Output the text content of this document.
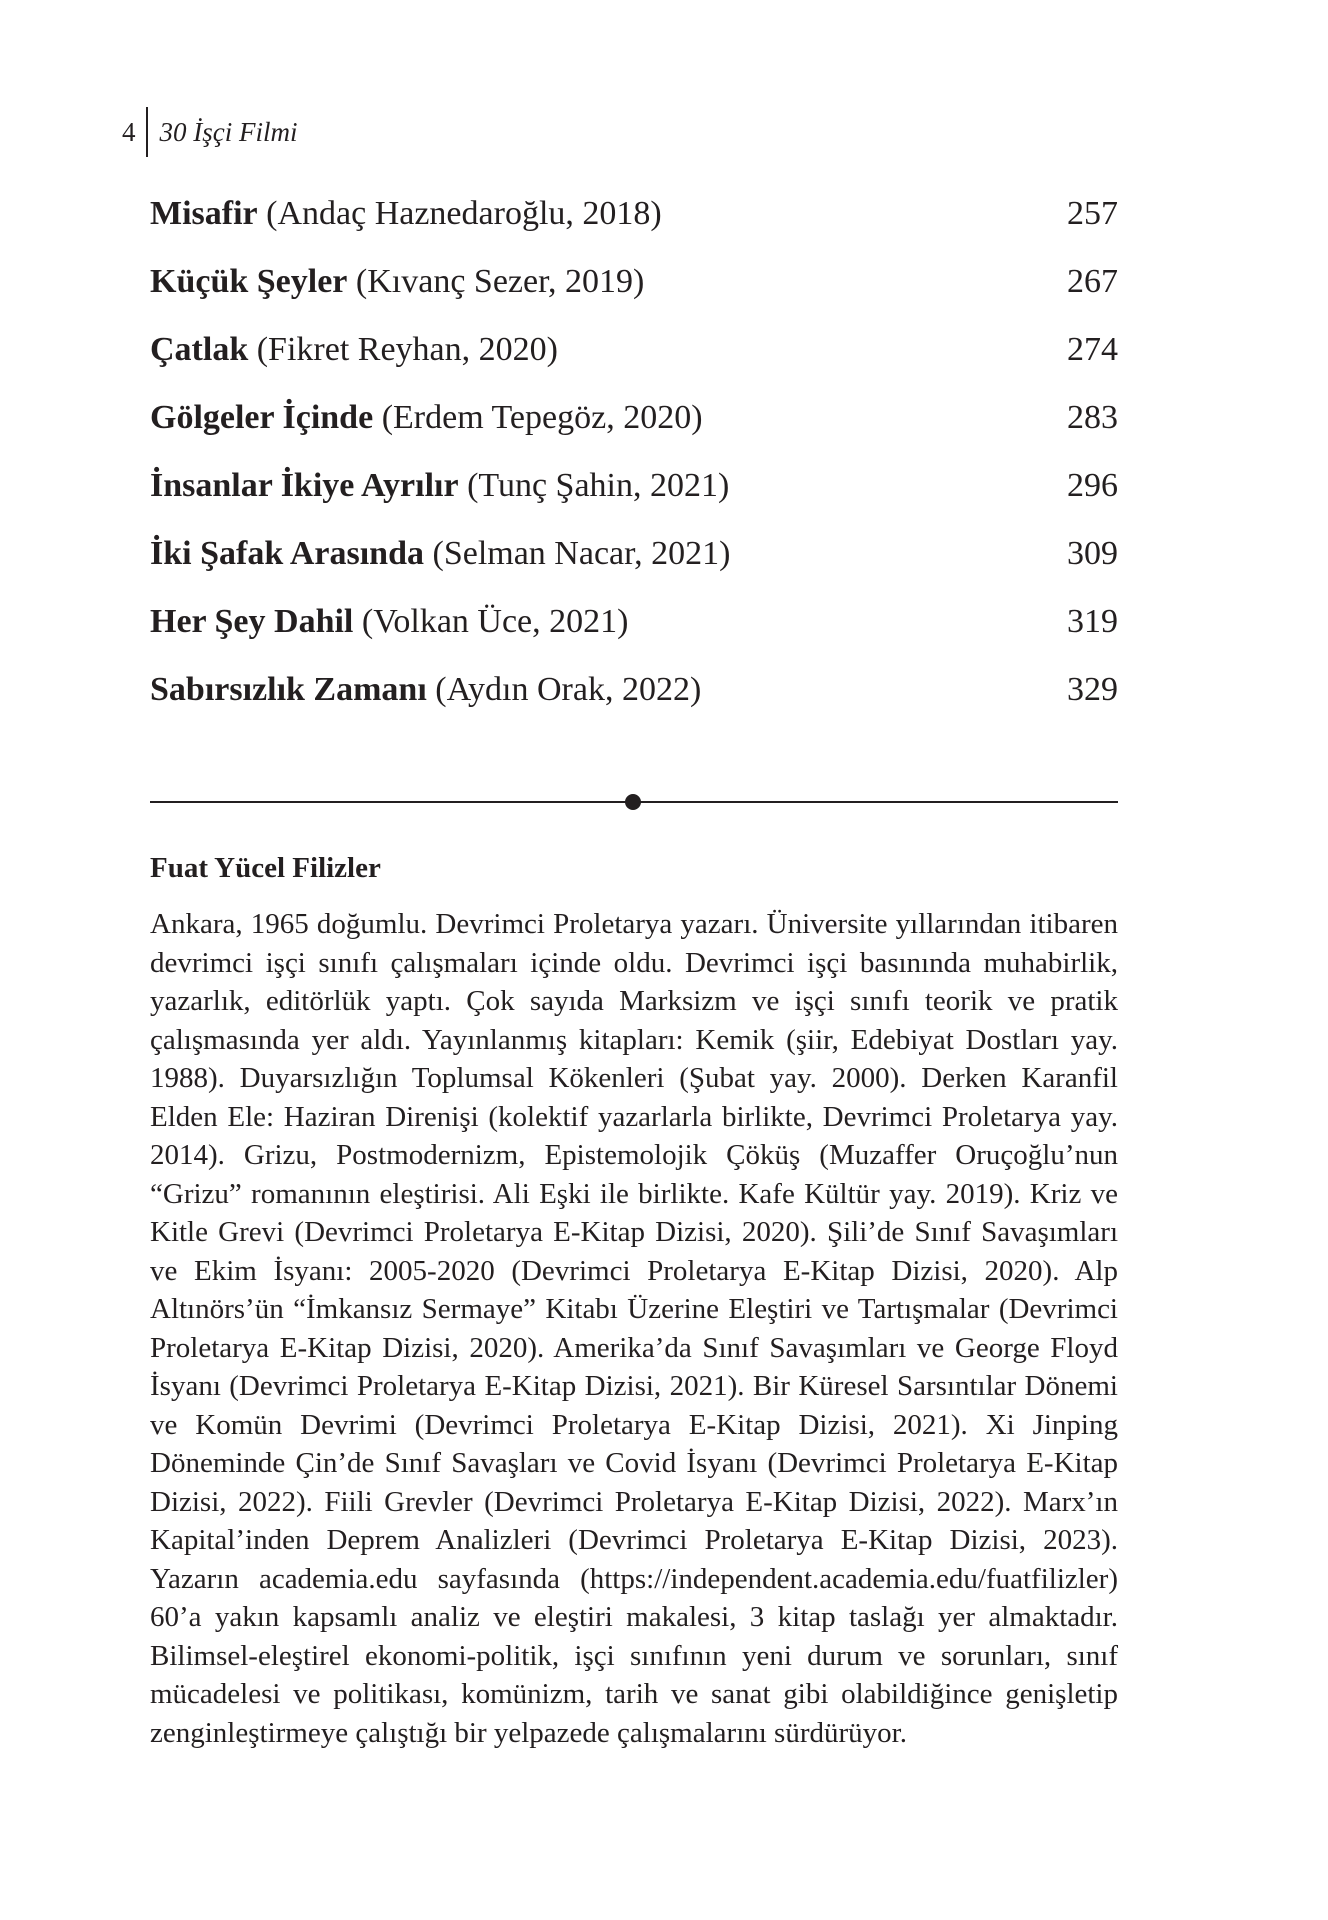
4 30 İşçi Filmi
Misafir (Andaç Haznedaroğlu, 2018)	257
Küçük Şeyler (Kıvanç Sezer, 2019)	267
Çatlak (Fikret Reyhan, 2020)	274
Gölgeler İçinde (Erdem Tepegöz, 2020)	283
İnsanlar İkiye Ayrılır (Tunç Şahin, 2021)	296
İki Şafak Arasında (Selman Nacar, 2021)	309
Her Şey Dahil (Volkan Üce, 2021)	319
Sabırsızlık Zamanı (Aydın Orak, 2022)	329
Fuat Yücel Filizler

Ankara, 1965 doğumlu. Devrimci Proletarya yazarı. Üniversite yıllarından itibaren devrimci işçi sınıfı çalışmaları içinde oldu. Devrimci işçi basınında muhabirlik, yazarlık, editörlük yaptı. Çok sayıda Marksizm ve işçi sınıfı teorik ve pratik çalışmasında yer aldı. Yayınlanmış kitapları: Kemik (şiir, Edebiyat Dostları yay. 1988). Duyarsızlığın Toplumsal Kökenleri (Şubat yay. 2000). Derken Karanfil Elden Ele: Haziran Direnişi (kolektif yazarlarla birlikte, Devrimci Proletarya yay. 2014). Grizu, Postmodernizm, Epistemolojik Çöküş (Muzaffer Oruçoğlu’nun “Grizu” romanının eleştirisi. Ali Eşki ile birlikte. Kafe Kültür yay. 2019). Kriz ve Kitle Grevi (Devrimci Proletarya E-Kitap Dizisi, 2020). Şili’de Sınıf Savaşımları ve Ekim İsyanı: 2005-2020 (Devrimci Proletarya E-Kitap Dizisi, 2020). Alp Altınörs’ün “İmkansız Sermaye” Kitabı Üzerine Eleştiri ve Tartışmalar (Devrimci Proletarya E-Kitap Dizisi, 2020). Amerika’da Sınıf Savaşımları ve George Floyd İsyanı (Devrimci Proletarya E-Kitap Dizisi, 2021). Bir Küresel Sarsıntılar Dönemi ve Komün Devrimi (Devrimci Proletarya E-Kitap Dizisi, 2021). Xi Jinping Döneminde Çin’de Sınıf Savaşları ve Covid İsyanı (Devrimci Proletarya E-Kitap Dizisi, 2022). Fiili Grevler (Devrimci Proletarya E-Kitap Dizisi, 2022). Marx’ın Kapital’inden Deprem Analizleri (Devrimci Proletarya E-Kitap Dizisi, 2023). Yazarın academia.edu sayfasında (https://independent.academia.edu/fuatfilizler) 60’a yakın kapsamlı analiz ve eleştiri makalesi, 3 kitap taslağı yer almaktadır. Bilimsel-eleştirel ekonomi-politik, işçi sınıfının yeni durum ve sorunları, sınıf mücadelesi ve politikası, komünizm, tarih ve sanat gibi olabildiğince genişletip zenginleştirmeye çalıştığı bir yelpazede çalışmalarını sürdürüyor.
